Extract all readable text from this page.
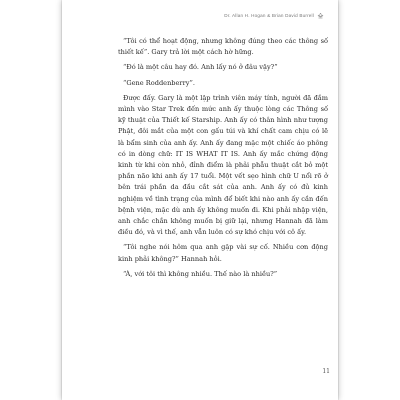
Dr. Allan H. Hogan & Brian David Burrell

“Tôi có thể hoạt động, nhưng không đúng theo các thông số thiết kế”. Gary trả lời một cách hờ hững.

“Đó là một câu hay đó. Anh lấy nó ở đâu vậy?”

“Gene Roddenberry”.

Được đấy. Gary là một lập trình viên máy tính, người đã đắm mình vào Star Trek đến mức anh ấy thuộc lòng các Thông số kỹ thuật của Thiết kế Starship. Anh ấy có thân hình như tượng Phật, đôi mắt của một con gấu túi và khí chất cam chịu có lẽ là bẩm sinh của anh ấy. Anh ấy đang mặc một chiếc áo phông có in dòng chữ: IT IS WHAT IT IS. Anh ấy mắc chứng động kinh từ khi còn nhỏ, đỉnh điểm là phải phẫu thuật cắt bỏ một phần não khi anh ấy 17 tuổi. Một vết sẹo hình chữ U nổi rõ ở bên trái phần da đầu cắt sát của anh. Anh ấy có đủ kinh nghiệm về tình trạng của mình để biết khi nào anh ấy cần đến bệnh viện, mặc dù anh ấy không muốn đi. Khi phải nhập viện, anh chắc chắn không muốn bị giữ lại, nhưng Hannah đã làm điều đó, và vì thế, anh vẫn luôn có sự khó chịu với cô ấy.

“Tôi nghe nói hôm qua anh gặp vài sự cố. Nhiều cơn động kinh phải không?” Hannah hỏi.

“À, với tôi thì không nhiều. Thế nào là nhiều?”

11
